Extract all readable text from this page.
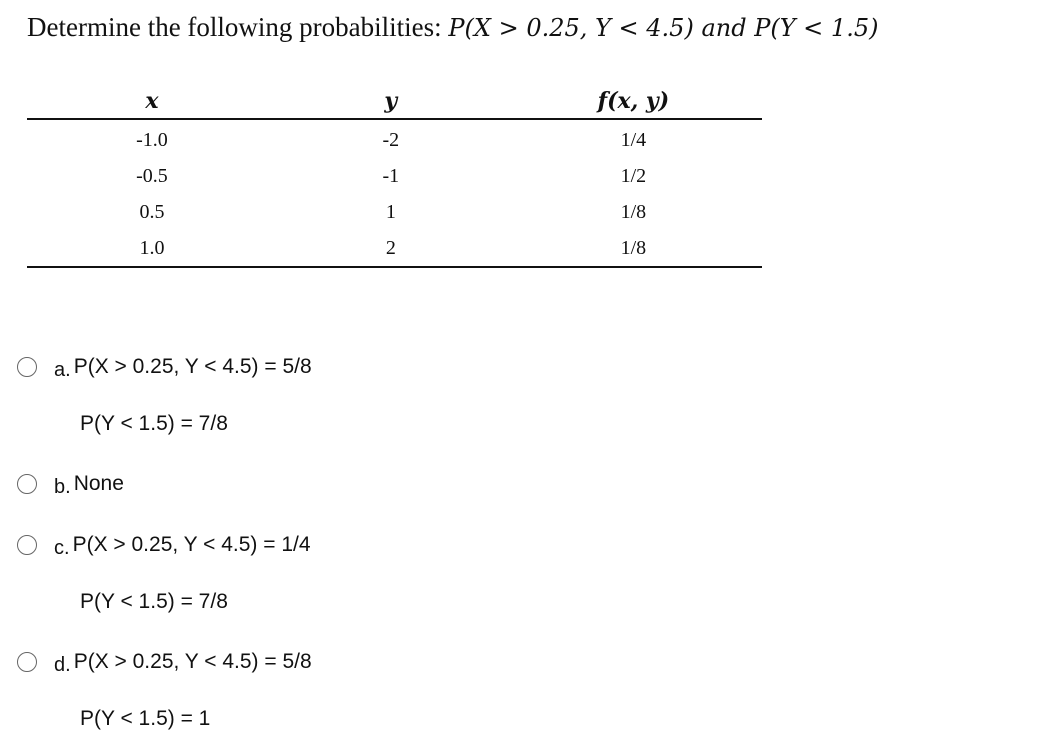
Determine the following probabilities: P(X > 0.25, Y < 4.5) and P(Y < 1.5)
x	y	f(x, y)
-1.0	-2	1/4
-0.5	-1	1/2
0.5	1	1/8
1.0	2	1/8
a. P(X > 0.25, Y < 4.5) = 5/8
P(Y < 1.5) = 7/8
b. None
c. P(X > 0.25, Y < 4.5) = 1/4
P(Y < 1.5) = 7/8
d. P(X > 0.25, Y < 4.5) = 5/8
P(Y < 1.5) = 1
